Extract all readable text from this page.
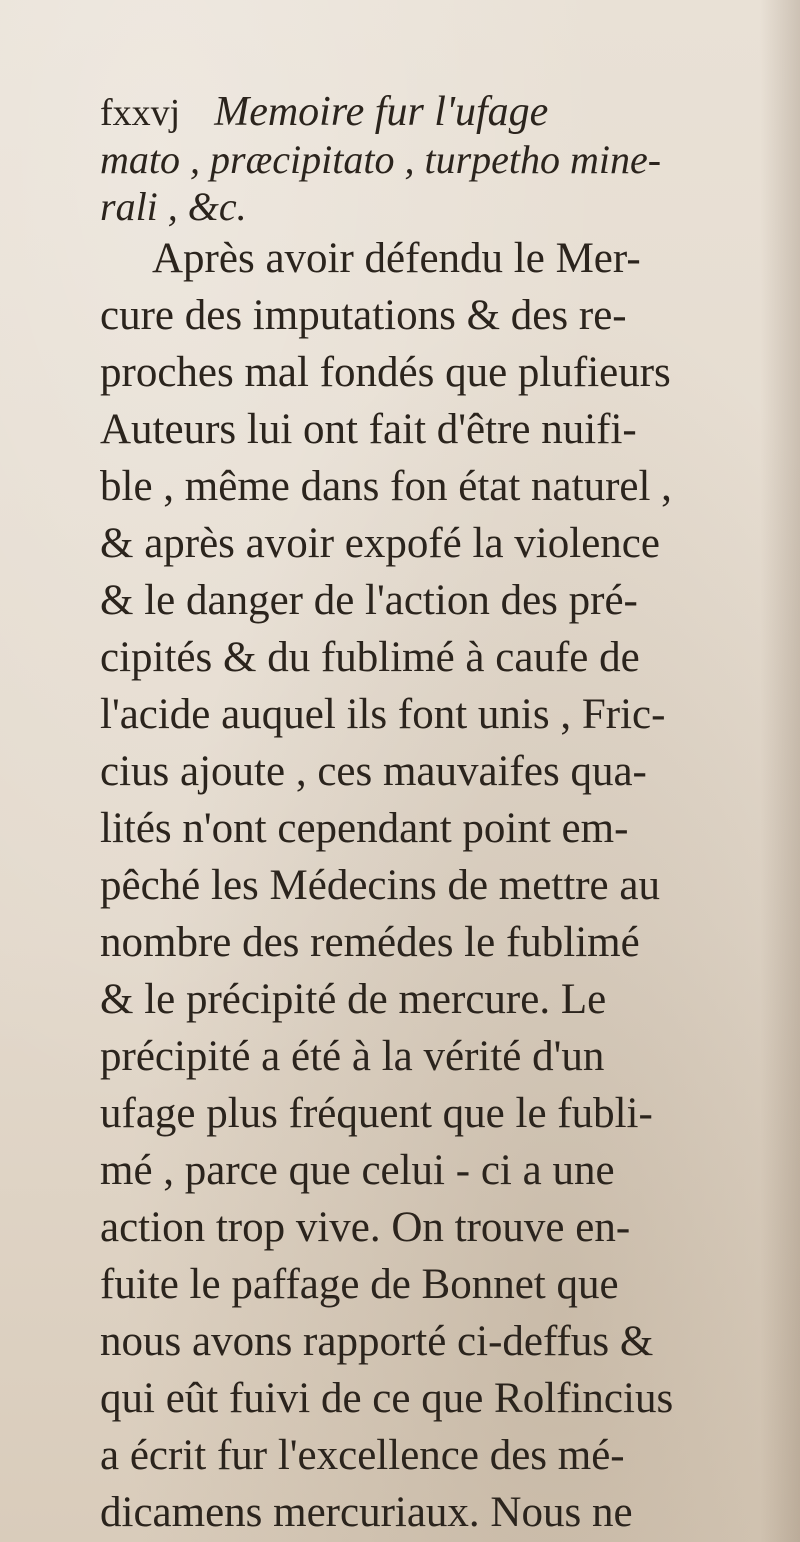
fxxvj Memoire fur l'ufage
mato , præcipitato , turpetho mine-
rali , &c.
Après avoir défendu le Mer-
cure des imputations & des re-
proches mal fondés que plufieurs
Auteurs lui ont fait d'être nuifi-
ble , même dans fon état naturel ,
& après avoir expofé la violence
& le danger de l'action des pré-
cipités & du fublimé à caufe de
l'acide auquel ils font unis , Fric-
cius ajoute , ces mauvaifes qua-
lités n'ont cependant point em-
pêché les Médecins de mettre au
nombre des remédes le fublimé
& le précipité de mercure. Le
précipité a été à la vérité d'un
ufage plus fréquent que le fubli-
mé , parce que celui - ci a une
action trop vive. On trouve en-
fuite le paffage de Bonnet que
nous avons rapporté ci-deffus &
qui eût fuivi de ce que Rolfincius
a écrit fur l'excellence des mé-
dicamens mercuriaux. Nous ne
